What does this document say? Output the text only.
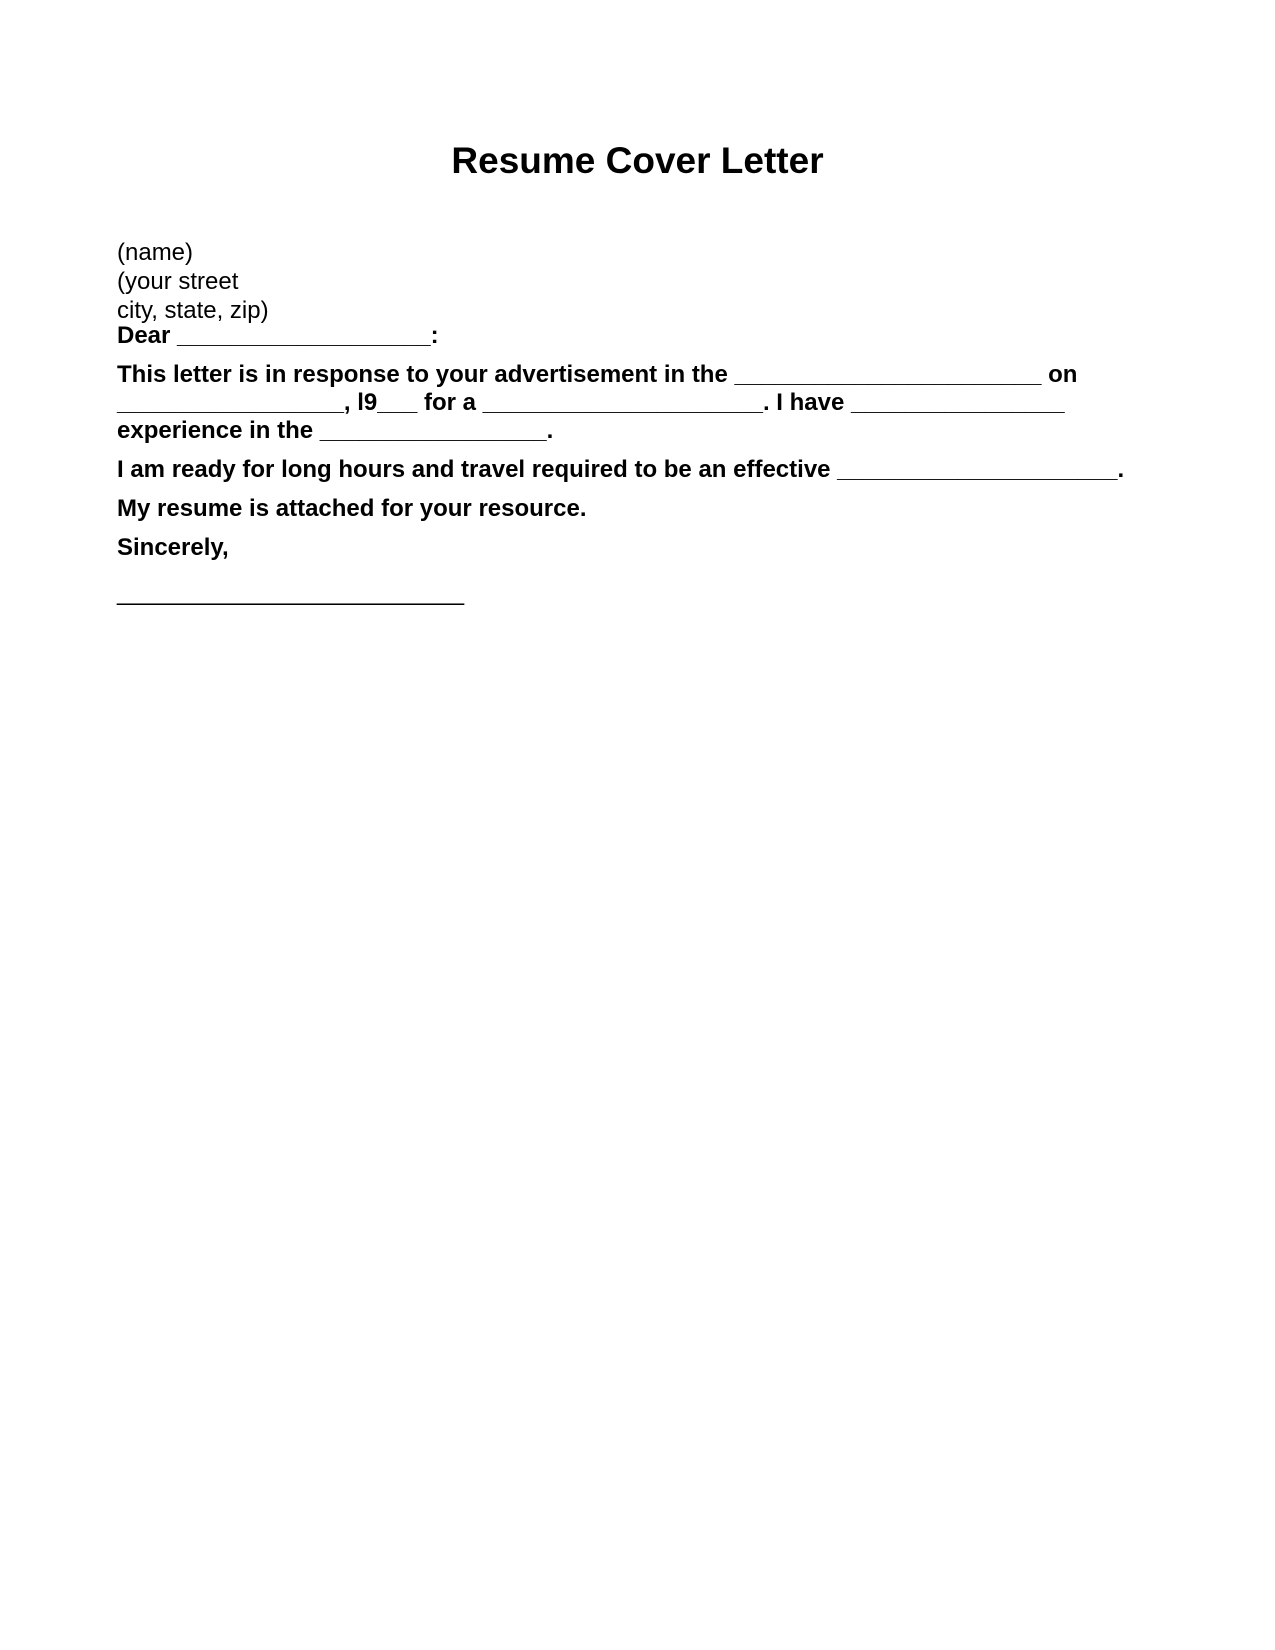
Resume Cover Letter
(name)
(your street
city, state, zip)
Dear ___________________:
This letter is in response to your advertisement in the _______________________ on
_________________, l9___ for a _____________________. I have ________________
experience in the _________________.
I am ready for long hours and travel required to be an effective _____________________.
My resume is attached for your resource.
Sincerely,
__________________________
